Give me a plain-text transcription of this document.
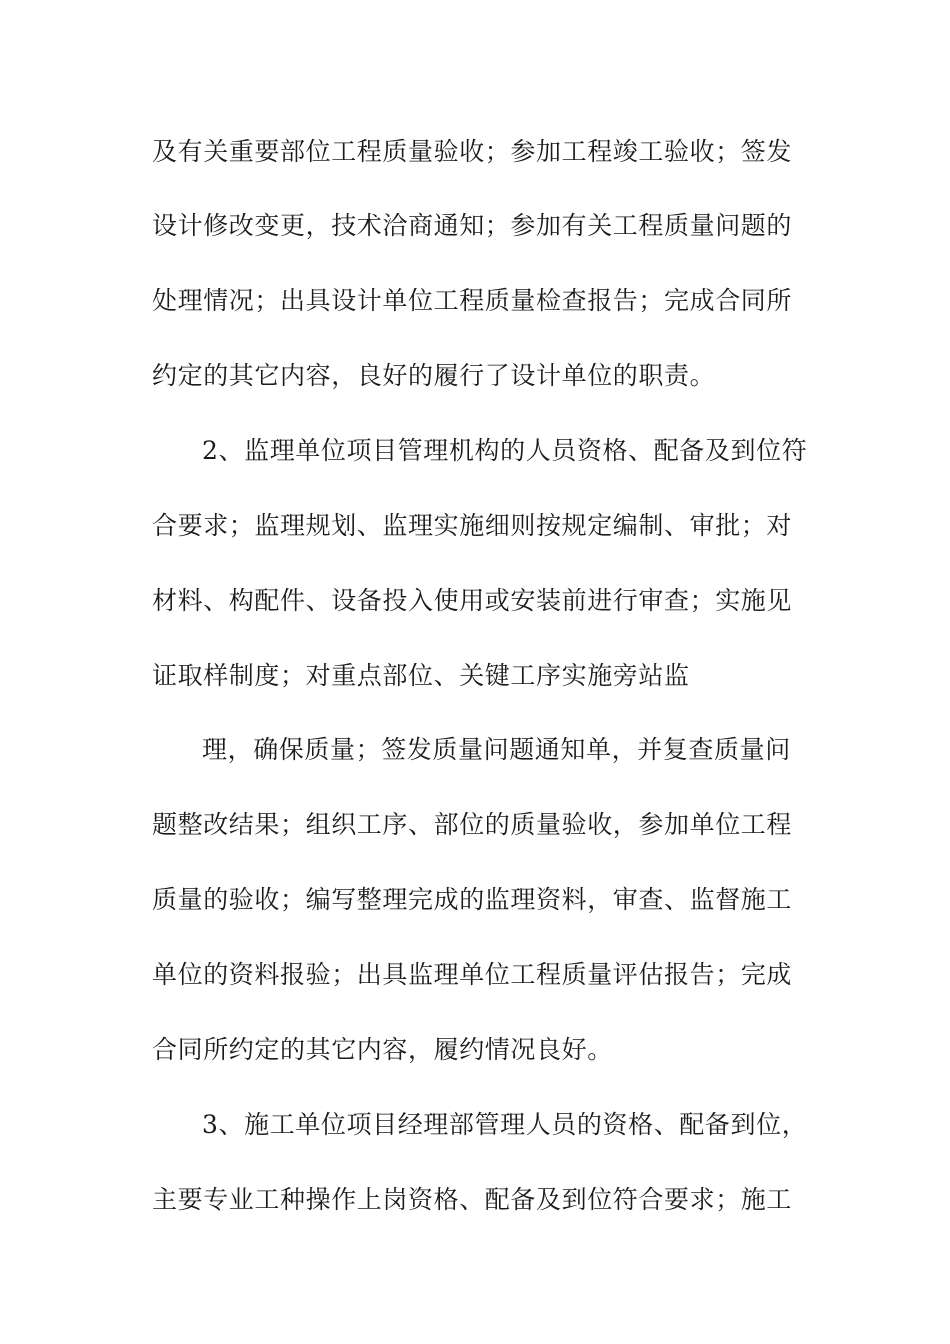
及有关重要部位工程质量验收；参加工程竣工验收；签发
设计修改变更，技术洽商通知；参加有关工程质量问题的
处理情况；出具设计单位工程质量检查报告；完成合同所
约定的其它内容，良好的履行了设计单位的职责。
2、监理单位项目管理机构的人员资格、配备及到位符
合要求；监理规划、监理实施细则按规定编制、审批；对
材料、构配件、设备投入使用或安装前进行审查；实施见
证取样制度；对重点部位、关键工序实施旁站监
理，确保质量；签发质量问题通知单，并复查质量问
题整改结果；组织工序、部位的质量验收，参加单位工程
质量的验收；编写整理完成的监理资料，审查、监督施工
单位的资料报验；出具监理单位工程质量评估报告；完成
合同所约定的其它内容，履约情况良好。
3、施工单位项目经理部管理人员的资格、配备到位，
主要专业工种操作上岗资格、配备及到位符合要求；施工
